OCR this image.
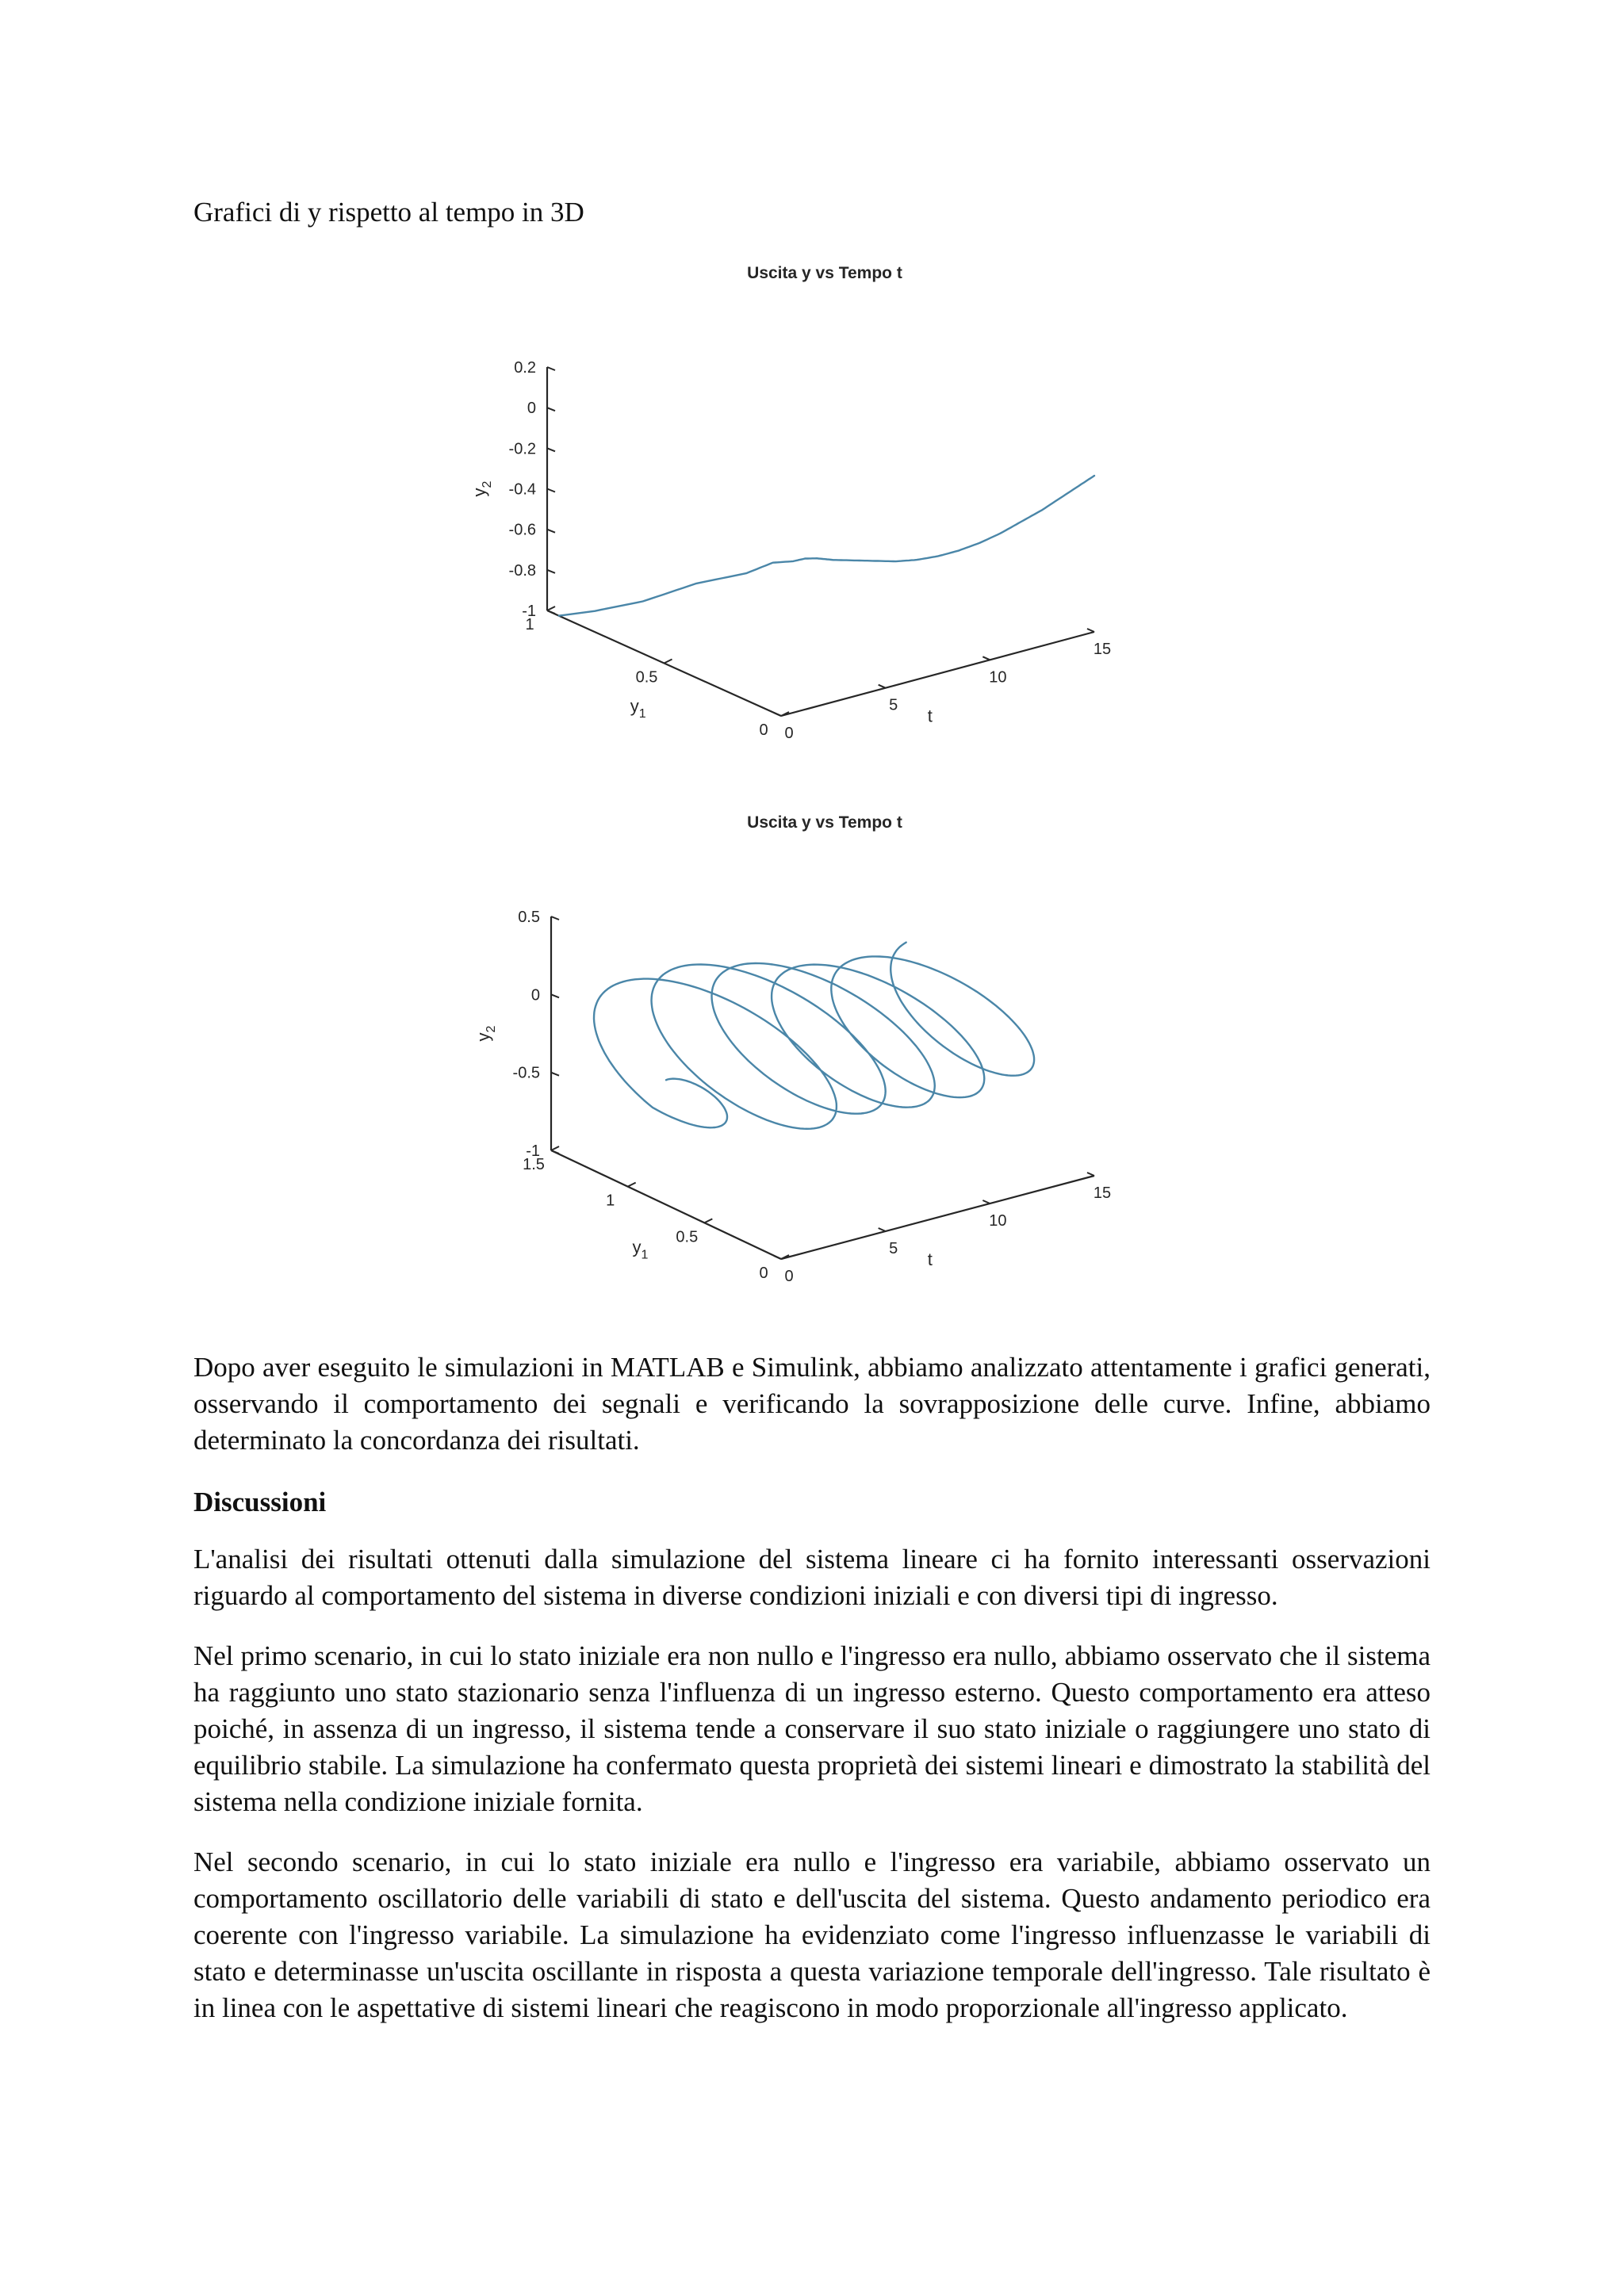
Grafici di y rispetto al tempo in 3D
Uscita y vs Tempo t
0
5
10
15
t
0
0.5
1
$y_1$
-1
-0.8
-0.6
-0.4
-0.2
0
0.2
$y_2$
Uscita y vs Tempo t
0
5
10
15
t
0
0.5
1
1.5
$y_1$
-1
-0.5
0
0.5
$y_2$
Dopo aver eseguito le simulazioni in MATLAB e Simulink, abbiamo analizzato attentamente i grafici generati, osservando il comportamento dei segnali e verificando la sovrapposizione delle curve. Infine, abbiamo determinato la concordanza dei risultati.
Discussioni
L'analisi dei risultati ottenuti dalla simulazione del sistema lineare ci ha fornito interessanti osservazioni riguardo al comportamento del sistema in diverse condizioni iniziali e con diversi tipi di ingresso.
Nel primo scenario, in cui lo stato iniziale era non nullo e l'ingresso era nullo, abbiamo osservato che il sistema ha raggiunto uno stato stazionario senza l'influenza di un ingresso esterno. Questo comportamento era atteso poiché, in assenza di un ingresso, il sistema tende a conservare il suo stato iniziale o raggiungere uno stato di equilibrio stabile. La simulazione ha confermato questa proprietà dei sistemi lineari e dimostrato la stabilità del sistema nella condizione iniziale fornita.
Nel secondo scenario, in cui lo stato iniziale era nullo e l'ingresso era variabile, abbiamo osservato un comportamento oscillatorio delle variabili di stato e dell'uscita del sistema. Questo andamento periodico era coerente con l'ingresso variabile. La simulazione ha evidenziato come l'ingresso influenzasse le variabili di stato e determinasse un'uscita oscillante in risposta a questa variazione temporale dell'ingresso. Tale risultato è in linea con le aspettative di sistemi lineari che reagiscono in modo proporzionale all'ingresso applicato.
